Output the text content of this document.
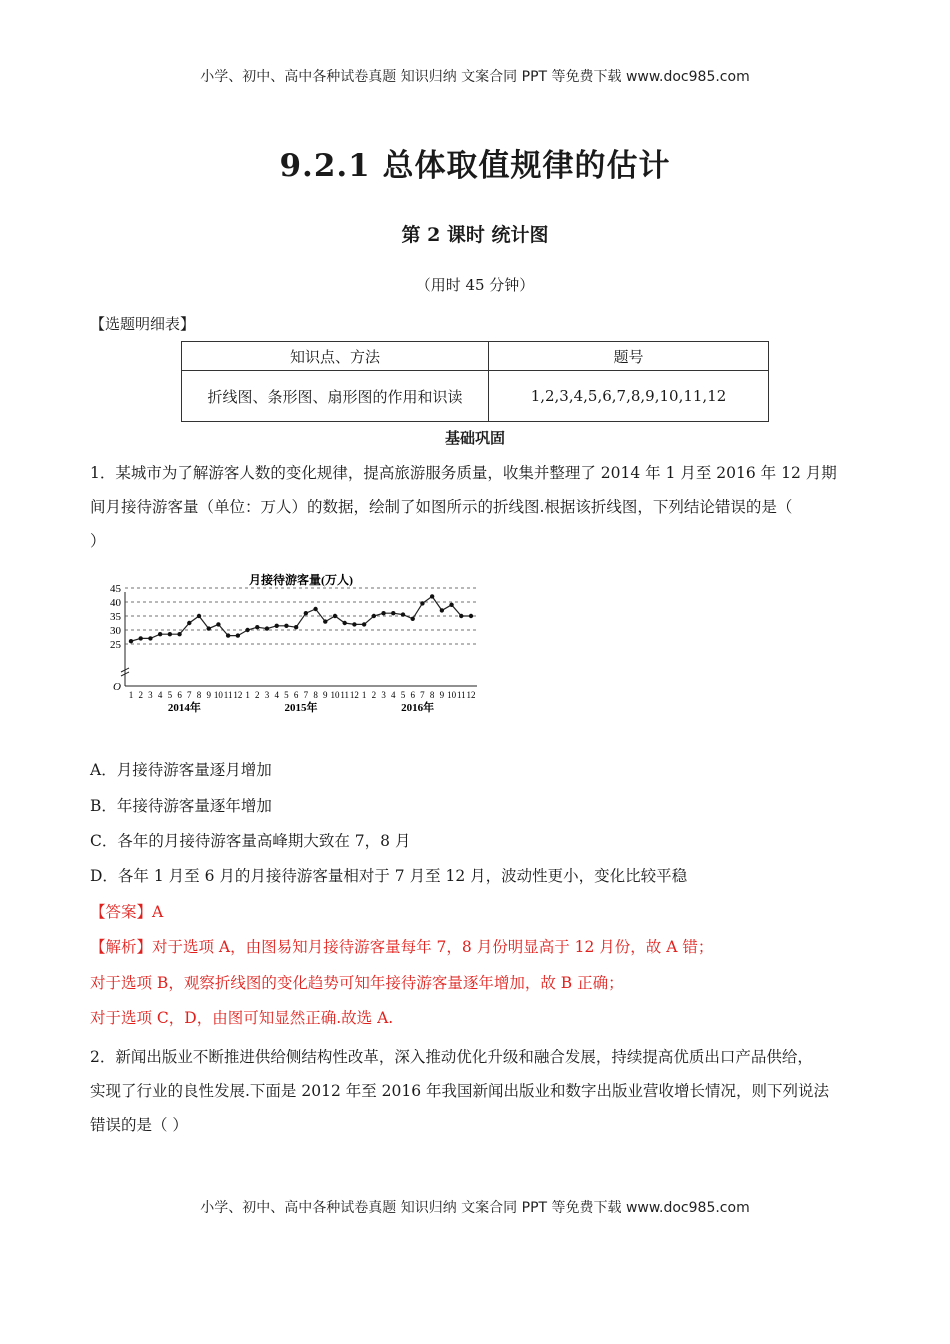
小学、初中、高中各种试卷真题 知识归纳 文案合同 PPT 等免费下载 www.doc985.com
9.2.1 总体取值规律的估计
第 2 课时 统计图
（用时 45 分钟）
【选题明细表】
知识点、方法	题号
折线图、条形图、扇形图的作用和识读	1,2,3,4,5,6,7,8,9,10,11,12
基础巩固
1．某城市为了解游客人数的变化规律，提高旅游服务质量，收集并整理了 2014 年 1 月至 2016 年 12 月期
间月接待游客量（单位：万人）的数据，绘制了如图所示的折线图.根据该折线图，下列结论错误的是（
）
月接待游客量(万人)
25
30
35
40
45
O
1 2 3 4 5 6 7 8 9 10 11 12 1 2 3 4 5 6 7 8 9 10 11 12 1 2 3 4 5 6 7 8 9 10 11 12
2014年	2015年	2016年
A．月接待游客量逐月增加
B．年接待游客量逐年增加
C．各年的月接待游客量高峰期大致在 7，8 月
D．各年 1 月至 6 月的月接待游客量相对于 7 月至 12 月，波动性更小，变化比较平稳
【答案】A
【解析】对于选项 A，由图易知月接待游客量每年 7，8 月份明显高于 12 月份，故 A 错；
对于选项 B，观察折线图的变化趋势可知年接待游客量逐年增加，故 B 正确；
对于选项 C，D，由图可知显然正确.故选 A.
2．新闻出版业不断推进供给侧结构性改革，深入推动优化升级和融合发展，持续提高优质出口产品供给，
实现了行业的良性发展.下面是 2012 年至 2016 年我国新闻出版业和数字出版业营收增长情况，则下列说法
错误的是（ ）
小学、初中、高中各种试卷真题 知识归纳 文案合同 PPT 等免费下载 www.doc985.com
